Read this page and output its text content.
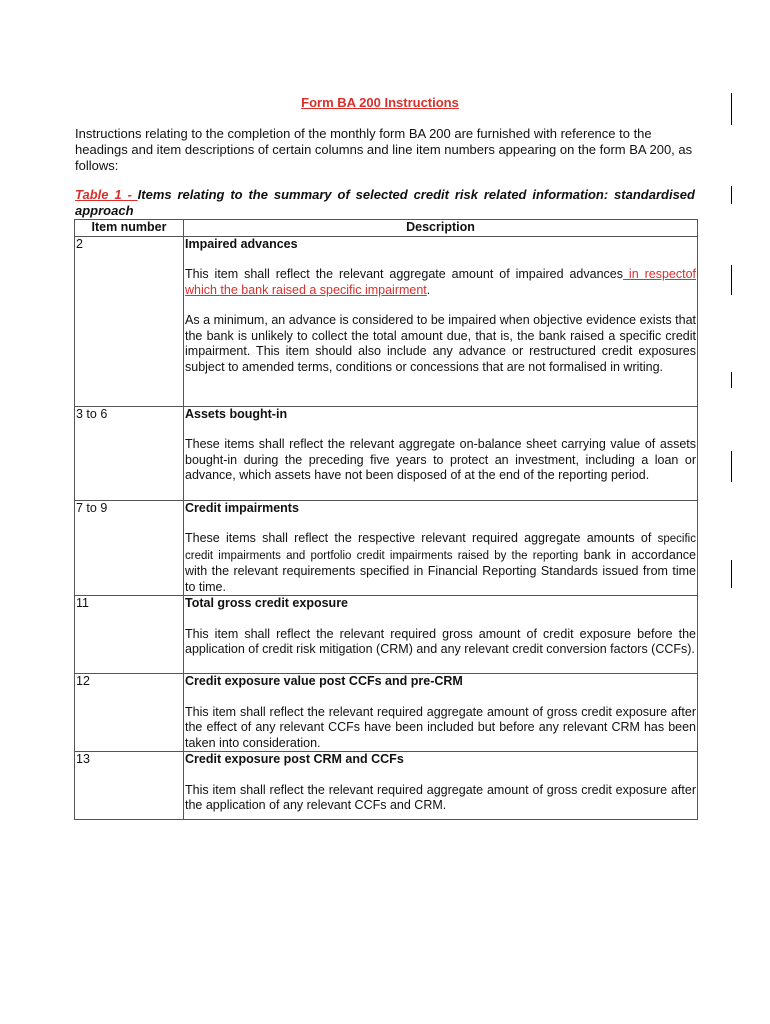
Form BA 200 Instructions
Instructions relating to the completion of the monthly form BA 200 are furnished with reference to the headings and item descriptions of certain columns and line item numbers appearing on the form BA 200, as follows:
Table 1 - Items relating to the summary of selected credit risk related information: standardised approach
Item number	Description
2	Impaired advances

This item shall reflect the relevant aggregate amount of impaired advances in respectof which the bank raised a specific impairment.

As a minimum, an advance is considered to be impaired when objective evidence exists that the bank is unlikely to collect the total amount due, that is, the bank raised a specific credit impairment. This item should also include any advance or restructured credit exposures subject to amended terms, conditions or concessions that are not formalised in writing.

3 to 6	Assets bought-in

These items shall reflect the relevant aggregate on-balance sheet carrying value of assets bought-in during the preceding five years to protect an investment, including a loan or advance, which assets have not been disposed of at the end of the reporting period.

7 to 9	Credit impairments

These items shall reflect the respective relevant required aggregate amounts of specific credit impairments and portfolio credit impairments raised by the reporting bank in accordance with the relevant requirements specified in Financial Reporting Standards issued from time to time.

11	Total gross credit exposure

This item shall reflect the relevant required gross amount of credit exposure before the application of credit risk mitigation (CRM) and any relevant credit conversion factors (CCFs).

12	Credit exposure value post CCFs and pre-CRM

This item shall reflect the relevant required aggregate amount of gross credit exposure after the effect of any relevant CCFs have been included but before any relevant CRM has been taken into consideration.

13	Credit exposure post CRM and CCFs

This item shall reflect the relevant required aggregate amount of gross credit exposure after the application of any relevant CCFs and CRM.
